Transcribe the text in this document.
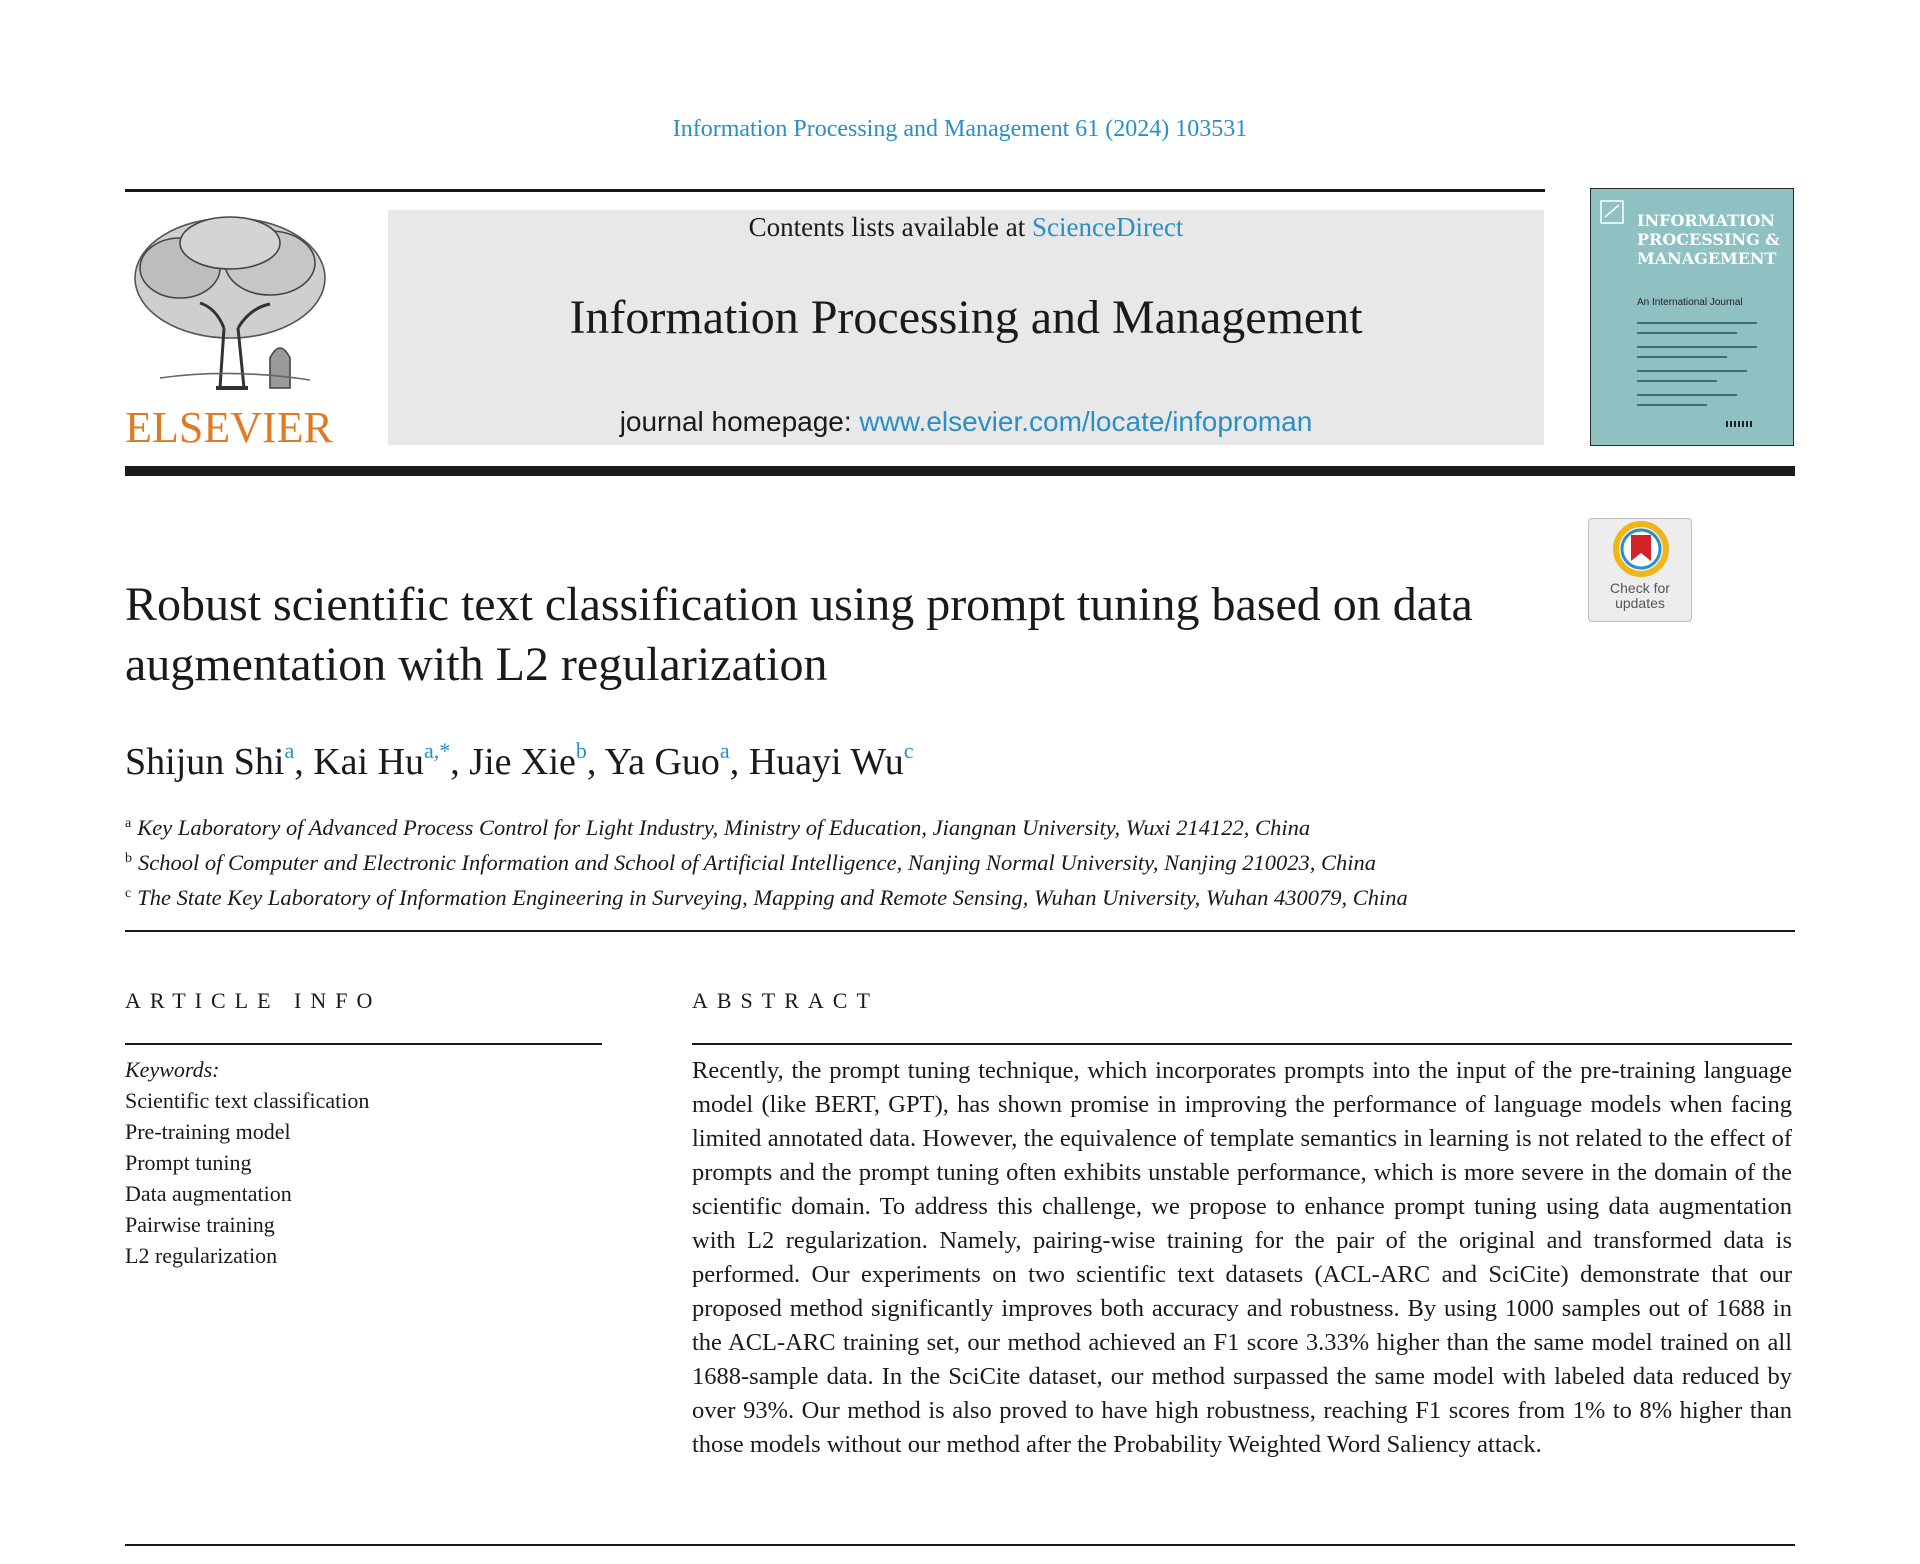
Information Processing and Management 61 (2024) 103531
ELSEVIER
Contents lists available at ScienceDirect
Information Processing and Management
journal homepage: www.elsevier.com/locate/infoproman
INFORMATION PROCESSING & MANAGEMENT
An International Journal
Check for
updates
Robust scientific text classification using prompt tuning based on data augmentation with L2 regularization
Shijun Shi$^a$, Kai $Hu^{a,*}$, Jie Xie$^b$, Ya Guo$^a$, Huayi Wu$^c$
$^a$ Key Laboratory of Advanced Process Control for Light Industry, Ministry of Education, Jiangnan University, Wuxi 214122, China
$^b$ School of Computer and Electronic Information and School of Artificial Intelligence, Nanjing Normal University, Nanjing 210023, China
$^c$ The State Key Laboratory of Information Engineering in Surveying, Mapping and Remote Sensing, Wuhan University, Wuhan 430079, China
ARTICLE INFO
Keywords:
Scientific text classification
Pre-training model
Prompt tuning
Data augmentation
Pairwise training
L2 regularization
ABSTRACT

Recently, the prompt tuning technique, which incorporates prompts into the input of the pre-training language model (like BERT, GPT), has shown promise in improving the performance of language models when facing limited annotated data. However, the equivalence of template semantics in learning is not related to the effect of prompts and the prompt tuning often exhibits unstable performance, which is more severe in the domain of the scientific domain. To address this challenge, we propose to enhance prompt tuning using data augmentation with L2 regularization. Namely, pairing-wise training for the pair of the original and transformed data is performed. Our experiments on two scientific text datasets (ACL-ARC and SciCite) demonstrate that our proposed method significantly improves both accuracy and robustness. By using 1000 samples out of 1688 in the ACL-ARC training set, our method achieved an F1 score 3.33% higher than the same model trained on all 1688-sample data. In the SciCite dataset, our method surpassed the same model with labeled data reduced by over 93%. Our method is also proved to have high robustness, reaching F1 scores from 1% to 8% higher than those models without our method after the Probability Weighted Word Saliency attack.
